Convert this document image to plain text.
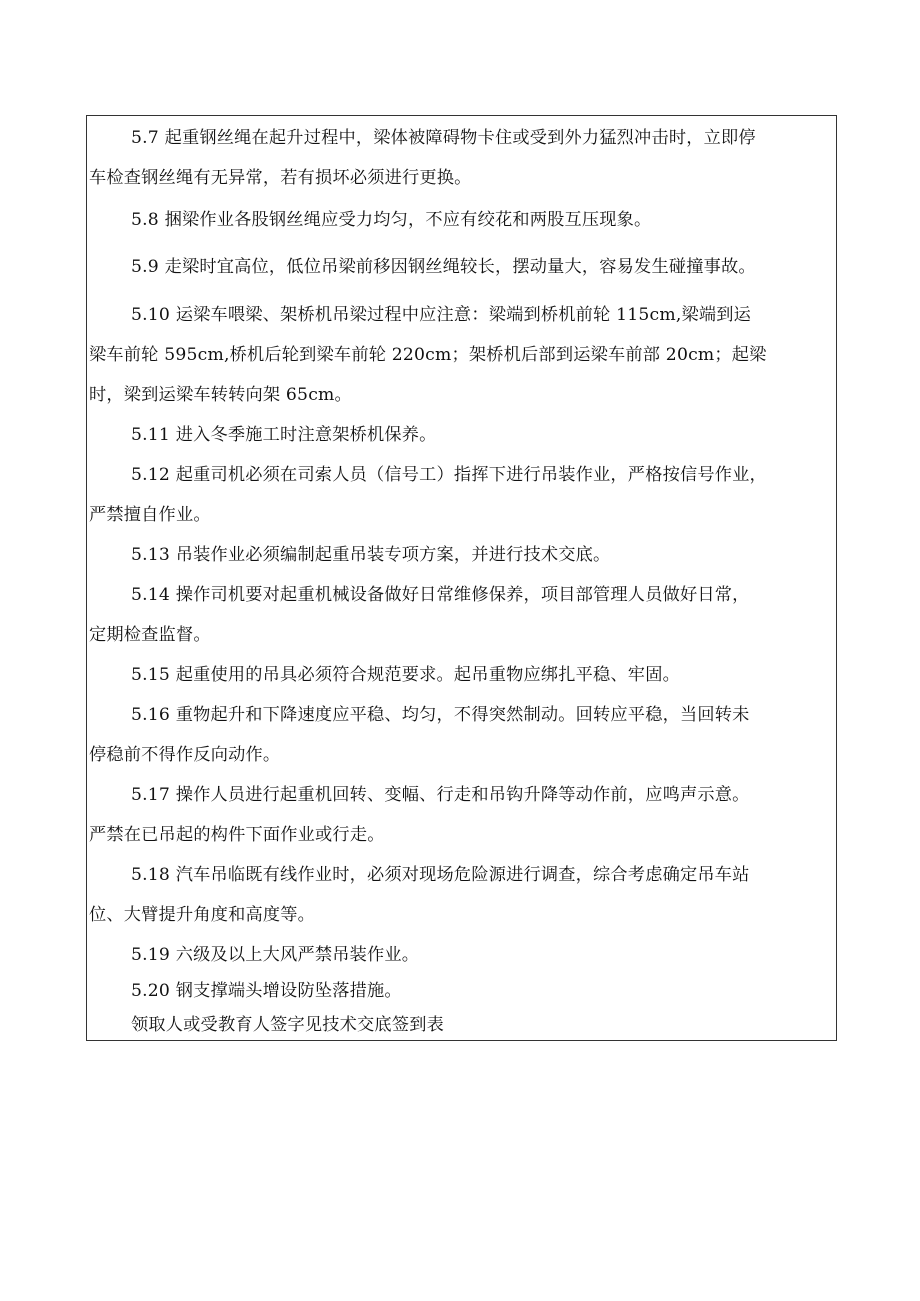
5.7 起重钢丝绳在起升过程中，梁体被障碍物卡住或受到外力猛烈冲击时，立即停
车检查钢丝绳有无异常，若有损坏必须进行更换。
5.8 捆梁作业各股钢丝绳应受力均匀，不应有绞花和两股互压现象。
5.9 走梁时宜高位，低位吊梁前移因钢丝绳较长，摆动量大，容易发生碰撞事故。
5.10 运梁车喂梁、架桥机吊梁过程中应注意：梁端到桥机前轮 115cm,梁端到运
梁车前轮 595cm,桥机后轮到梁车前轮 220cm；架桥机后部到运梁车前部 20cm；起梁
时，梁到运梁车转转向架 65cm。
5.11 进入冬季施工时注意架桥机保养。
5.12 起重司机必须在司索人员（信号工）指挥下进行吊装作业，严格按信号作业，
严禁擅自作业。
5.13 吊装作业必须编制起重吊装专项方案，并进行技术交底。
5.14 操作司机要对起重机械设备做好日常维修保养，项目部管理人员做好日常，
定期检查监督。
5.15 起重使用的吊具必须符合规范要求。起吊重物应绑扎平稳、牢固。
5.16 重物起升和下降速度应平稳、均匀，不得突然制动。回转应平稳，当回转未
停稳前不得作反向动作。
5.17 操作人员进行起重机回转、变幅、行走和吊钩升降等动作前，应鸣声示意。
严禁在已吊起的构件下面作业或行走。
5.18 汽车吊临既有线作业时，必须对现场危险源进行调查，综合考虑确定吊车站
位、大臂提升角度和高度等。
5.19 六级及以上大风严禁吊装作业。
5.20 钢支撑端头增设防坠落措施。
领取人或受教育人签字见技术交底签到表
